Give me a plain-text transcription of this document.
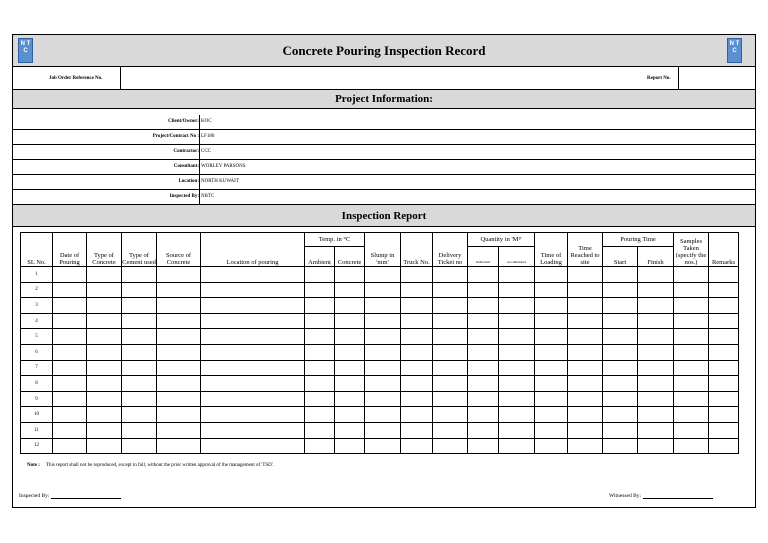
N T C	Concrete Pouring Inspection Record	N T C
Job Order Reference No.	Report No.
Project Information:
Client/Owner: KOC
Project/Contract No : LF180
Contractor: CCC
Consultant: WORLEY PARSONS
Location: NORTH KUWAIT
Inspected By: NBTC
Inspection Report
SL No.	Date of Pouring	Type of Concrete	Type of Cement used	Source of Concrete	Location of pouring	Temp. in °C		Slump in 'mm'	Truck No.	Delivery Ticket no	Quantity in 'M³'		Time of Loading	Time Reached to site	Pouring Time		Samples Taken (specify the nos.)	Remarks
						Ambient	Concrete				Individual	Accumulated			Start	Finish		
1																		
2																		
3																		
4																		
5																		
6																		
7																		
8																		
9																		
10																		
11																		
12																		
Note : This report shall not be reproduced, except in full, without the prior written approval of the management of 'TSD'.
Inspected By:	Witnessed By:
